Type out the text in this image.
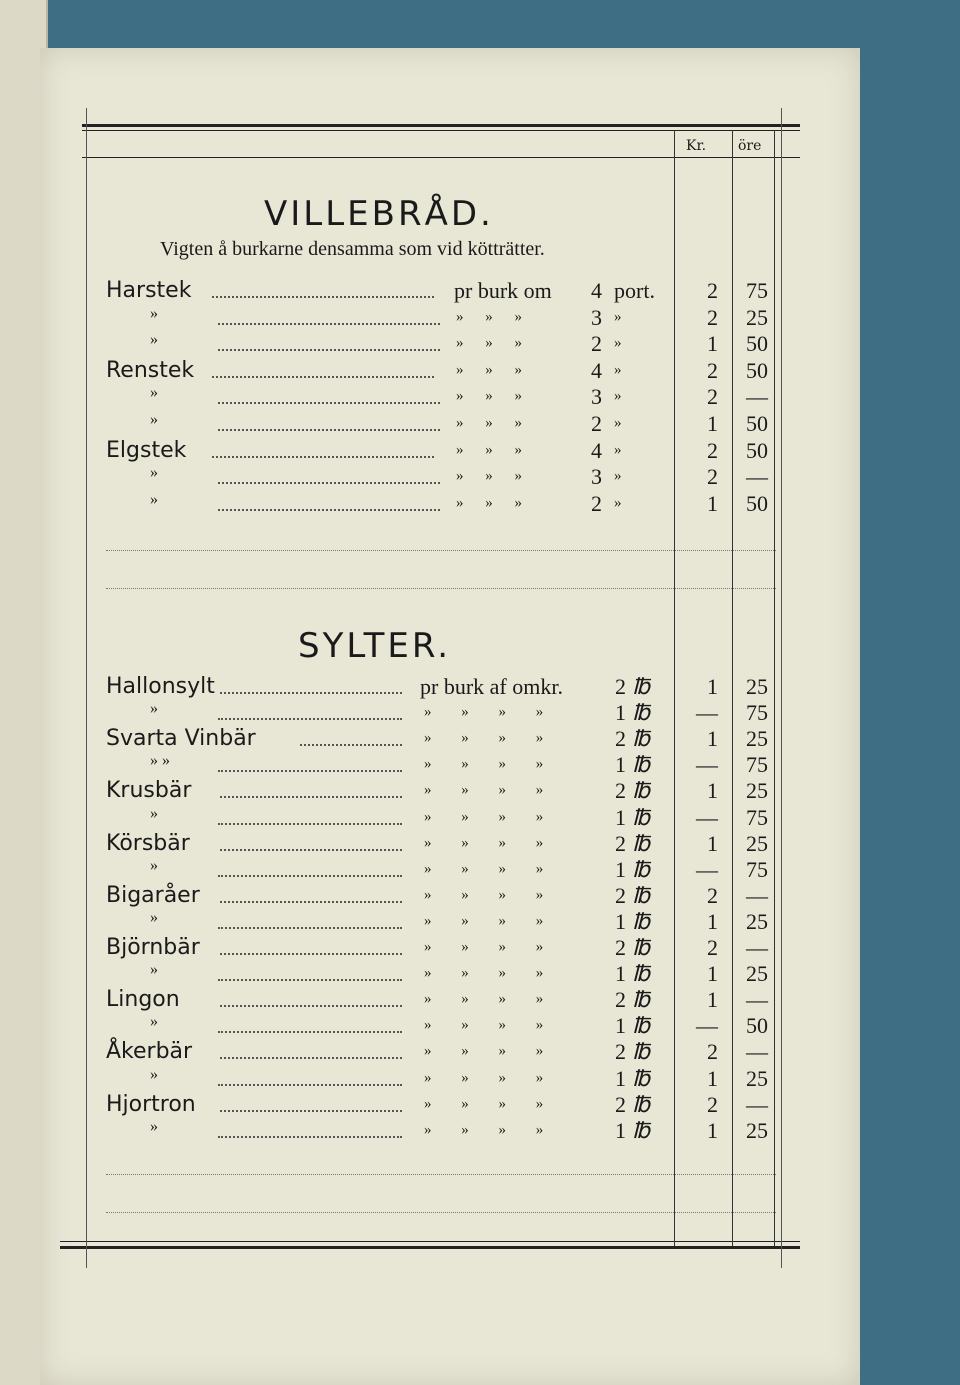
Kr. öre
VILLEBRÅD.
Vigten å burkarne densamma som vid kötträtter.
Harstek	pr burk om	4 port.	2	75
»	» » »	3 »	2	25
»	» » »	2 »	1	50
Renstek	» » »	4 »	2	50
»	» » »	3 »	2	—
»	» » »	2 »	1	50
Elgstek	» » »	4 »	2	50
»	» » »	3 »	2	—
»	» » »	2 »	1	50
SYLTER.
Hallonsylt	pr burk af omkr.	2 ℔	1	25
»	» » » »	1 ℔	—	75
Svarta Vinbär	» » » »	2 ℔	1	25
» »	» » » »	1 ℔	—	75
Krusbär	» » » »	2 ℔	1	25
»	» » » »	1 ℔	—	75
Körsbär	» » » »	2 ℔	1	25
»	» » » »	1 ℔	—	75
Bigaråer	» » » »	2 ℔	2	—
»	» » » »	1 ℔	1	25
Björnbär	» » » »	2 ℔	2	—
»	» » » »	1 ℔	1	25
Lingon	» » » »	2 ℔	1	—
»	» » » »	1 ℔	—	50
Åkerbär	» » » »	2 ℔	2	—
»	» » » »	1 ℔	1	25
Hjortron	» » » »	2 ℔	2	—
»	» » » »	1 ℔	1	25
